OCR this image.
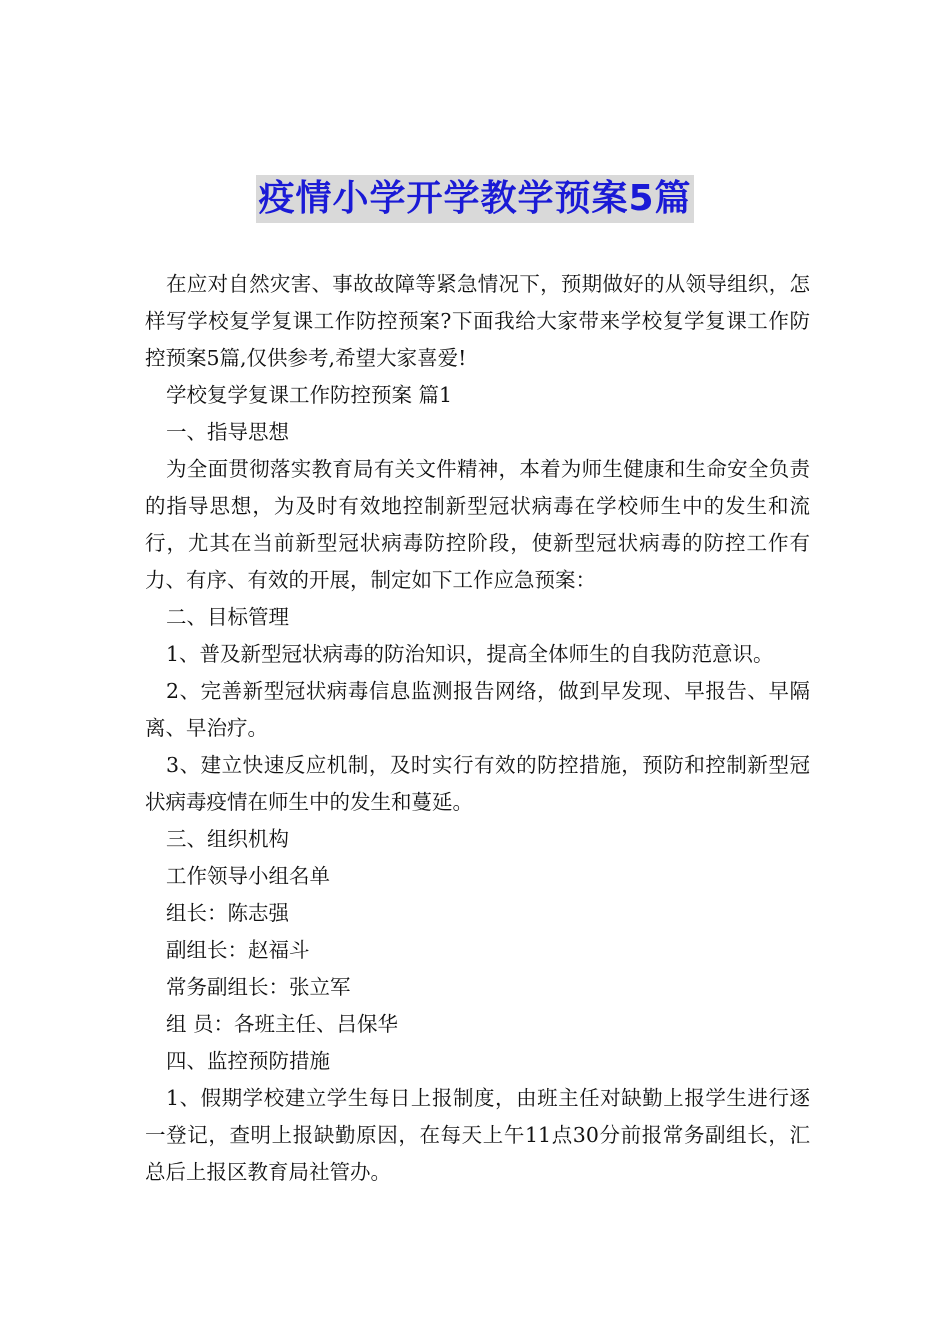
疫情小学开学教学预案5篇

在应对自然灾害、事故故障等紧急情况下，预期做好的从领导组织，怎样写学校复学复课工作防控预案?下面我给大家带来学校复学复课工作防控预案5篇,仅供参考,希望大家喜爱!

学校复学复课工作防控预案 篇1

一、指导思想

为全面贯彻落实教育局有关文件精神，本着为师生健康和生命安全负责的指导思想，为及时有效地控制新型冠状病毒在学校师生中的发生和流行，尤其在当前新型冠状病毒防控阶段，使新型冠状病毒的防控工作有力、有序、有效的开展，制定如下工作应急预案：

二、目标管理

1、普及新型冠状病毒的防治知识，提高全体师生的自我防范意识。

2、完善新型冠状病毒信息监测报告网络，做到早发现、早报告、早隔离、早治疗。

3、建立快速反应机制，及时实行有效的防控措施，预防和控制新型冠状病毒疫情在师生中的发生和蔓延。

三、组织机构

工作领导小组名单

组长：陈志强

副组长：赵福斗

常务副组长：张立军

组 员：各班主任、吕保华

四、监控预防措施

1、假期学校建立学生每日上报制度，由班主任对缺勤上报学生进行逐一登记，查明上报缺勤原因，在每天上午11点30分前报常务副组长，汇总后上报区教育局社管办。
